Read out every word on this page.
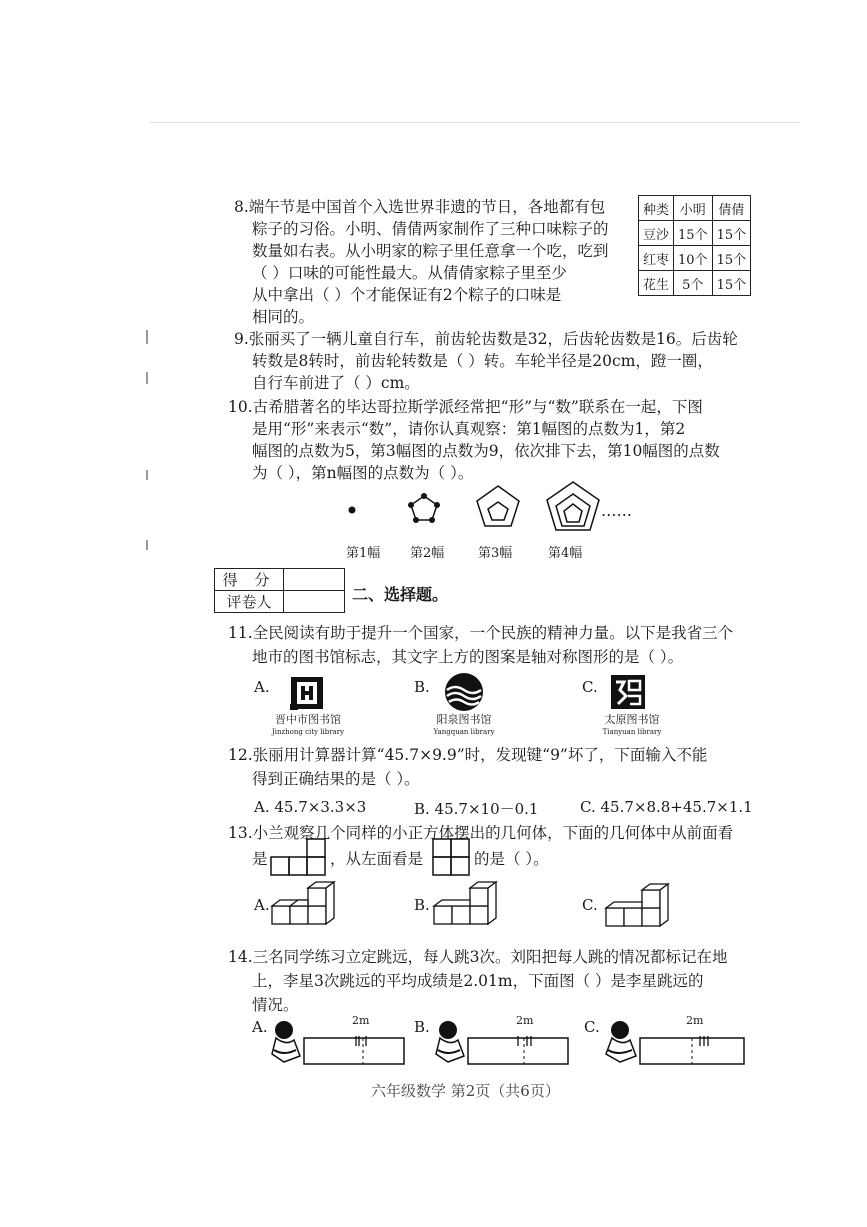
8.端午节是中国首个入选世界非遗的节日，各地都有包
粽子的习俗。小明、倩倩两家制作了三种口味粽子的
数量如右表。从小明家的粽子里任意拿一个吃，吃到
（ ）口味的可能性最大。从倩倩家粽子里至少
从中拿出（ ）个才能保证有2个粽子的口味是
相同的。
种类	小明	倩倩
豆沙	15个	15个
红枣	10个	15个
花生	5个	15个
9.张丽买了一辆儿童自行车，前齿轮齿数是32，后齿轮齿数是16。后齿轮
转数是8转时，前齿轮转数是（ ）转。车轮半径是20cm，蹬一圈，
自行车前进了（ ）cm。
10.古希腊著名的毕达哥拉斯学派经常把“形”与“数”联系在一起，下图
是用“形”来表示“数”，请你认真观察：第1幅图的点数为1，第2
幅图的点数为5，第3幅图的点数为9，依次排下去，第10幅图的点数
为（ ），第n幅图的点数为（ ）。
……
第1幅 第2幅	第3幅	第4幅
得 分	
评卷人		二、选择题。
11.全民阅读有助于提升一个国家，一个民族的精神力量。以下是我省三个
地市的图书馆标志，其文字上方的图案是轴对称图形的是（ ）。
A.
晋中市图书馆
Jinzhong city library
B.
阳泉图书馆
Yangquan library
C.
太原图书馆
Tianyuan library
12.张丽用计算器计算“45.7×9.9”时，发现键“9”坏了，下面输入不能
得到正确结果的是（ ）。
A. 45.7×3.3×3	B. 45.7×10－0.1	C. 45.7×8.8+45.7×1.1
13.小兰观察几个同样的小正方体摆出的几何体，下面的几何体中从前面看
是	，从左面看是	的是（ ）。
A.	B.	C.
14.三名同学练习立定跳远，每人跳3次。刘阳把每人跳的情况都标记在地
上，李星3次跳远的平均成绩是2.01m，下面图（ ）是李星跳远的
情况。
A.	2m	B.	2m	C.	2m
六年级数学 第2页（共6页）
